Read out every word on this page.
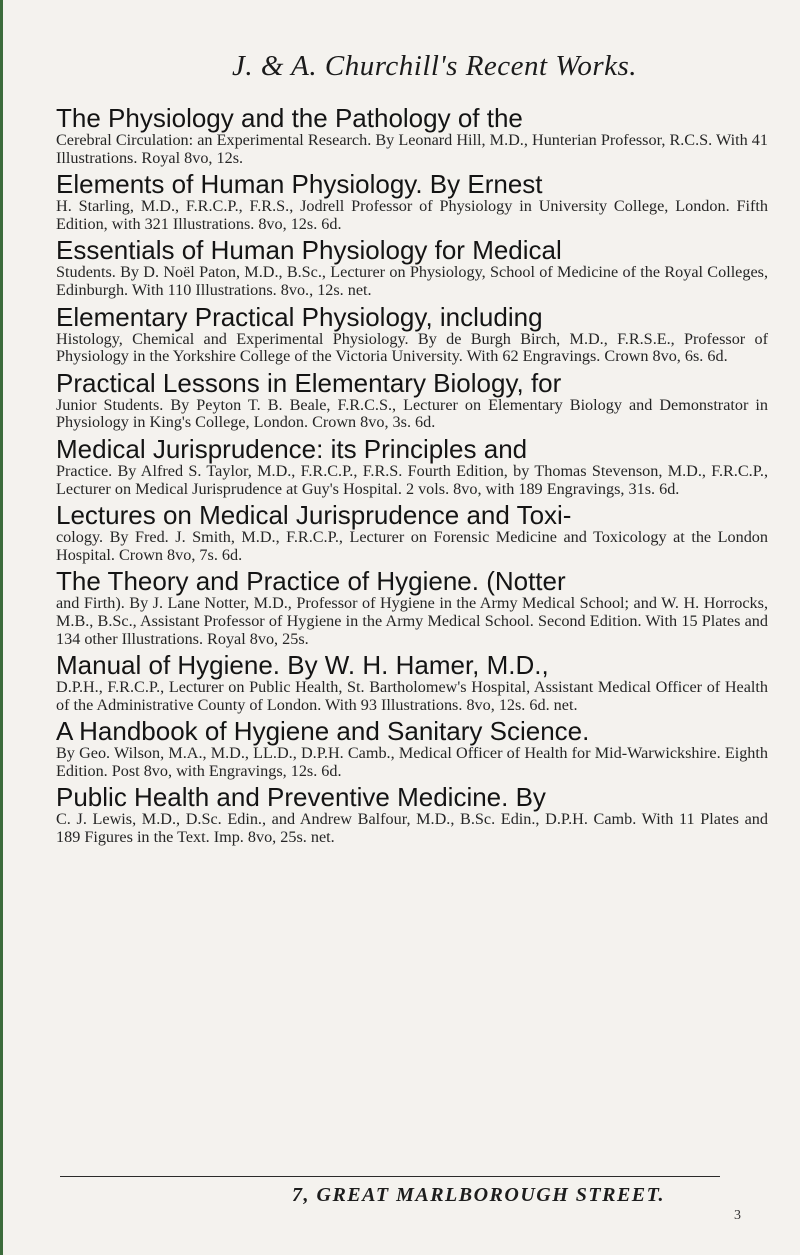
J. & A. Churchill's Recent Works.
The Physiology and the Pathology of the
Cerebral Circulation: an Experimental Research. By Leonard Hill, M.D., Hunterian Professor, R.C.S. With 41 Illustrations. Royal 8vo, 12s.
Elements of Human Physiology. By Ernest
H. Starling, M.D., F.R.C.P., F.R.S., Jodrell Professor of Physiology in University College, London. Fifth Edition, with 321 Illustrations. 8vo, 12s. 6d.
Essentials of Human Physiology for Medical
Students. By D. Noël Paton, M.D., B.Sc., Lecturer on Physiology, School of Medicine of the Royal Colleges, Edinburgh. With 110 Illustrations. 8vo., 12s. net.
Elementary Practical Physiology, including
Histology, Chemical and Experimental Physiology. By de Burgh Birch, M.D., F.R.S.E., Professor of Physiology in the Yorkshire College of the Victoria University. With 62 Engravings. Crown 8vo, 6s. 6d.
Practical Lessons in Elementary Biology, for
Junior Students. By Peyton T. B. Beale, F.R.C.S., Lecturer on Elementary Biology and Demonstrator in Physiology in King's College, London. Crown 8vo, 3s. 6d.
Medical Jurisprudence: its Principles and
Practice. By Alfred S. Taylor, M.D., F.R.C.P., F.R.S. Fourth Edition, by Thomas Stevenson, M.D., F.R.C.P., Lecturer on Medical Jurisprudence at Guy's Hospital. 2 vols. 8vo, with 189 Engravings, 31s. 6d.
Lectures on Medical Jurisprudence and Toxi-
cology. By Fred. J. Smith, M.D., F.R.C.P., Lecturer on Forensic Medicine and Toxicology at the London Hospital. Crown 8vo, 7s. 6d.
The Theory and Practice of Hygiene. (Notter
and Firth). By J. Lane Notter, M.D., Professor of Hygiene in the Army Medical School; and W. H. Horrocks, M.B., B.Sc., Assistant Professor of Hygiene in the Army Medical School. Second Edition. With 15 Plates and 134 other Illustrations. Royal 8vo, 25s.
Manual of Hygiene. By W. H. Hamer, M.D.,
D.P.H., F.R.C.P., Lecturer on Public Health, St. Bartholomew's Hospital, Assistant Medical Officer of Health of the Administrative County of London. With 93 Illustrations. 8vo, 12s. 6d. net.
A Handbook of Hygiene and Sanitary Science.
By Geo. Wilson, M.A., M.D., LL.D., D.P.H. Camb., Medical Officer of Health for Mid-Warwickshire. Eighth Edition. Post 8vo, with Engravings, 12s. 6d.
Public Health and Preventive Medicine. By
C. J. Lewis, M.D., D.Sc. Edin., and Andrew Balfour, M.D., B.Sc. Edin., D.P.H. Camb. With 11 Plates and 189 Figures in the Text. Imp. 8vo, 25s. net.
7, GREAT MARLBOROUGH STREET.
3
